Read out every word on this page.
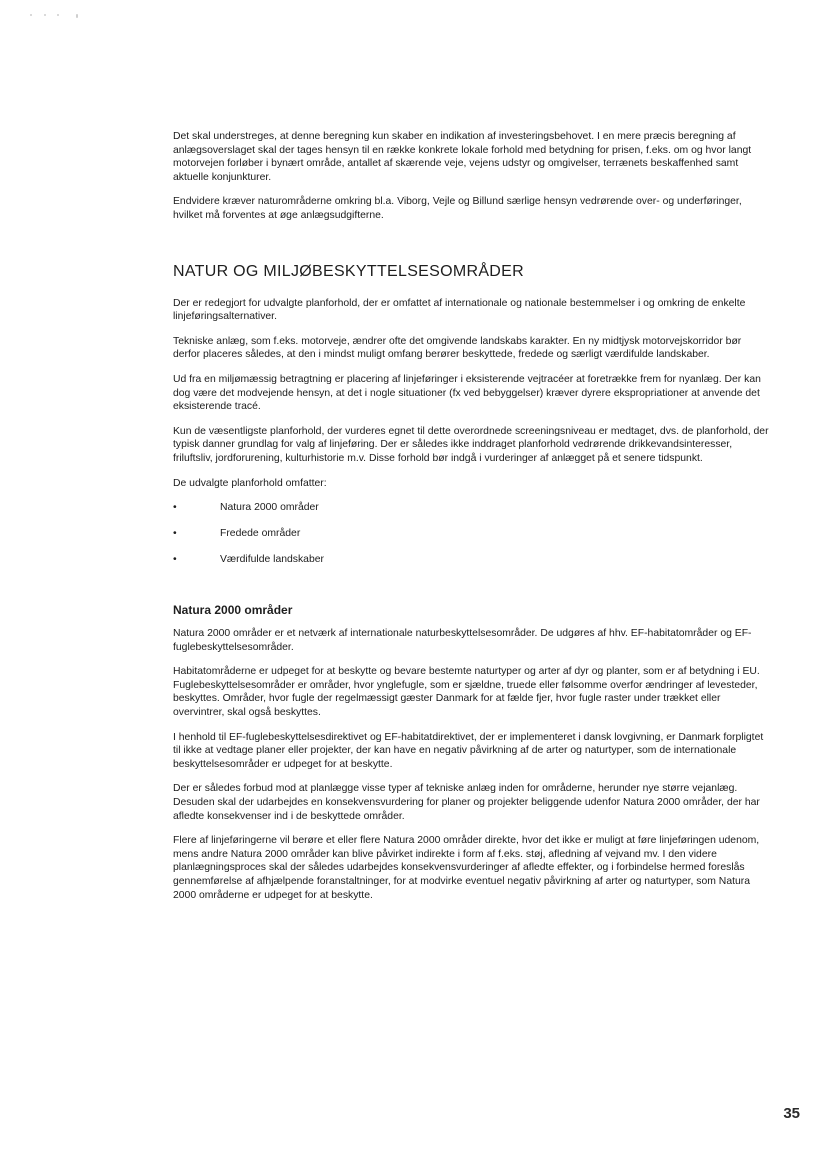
Det skal understreges, at denne beregning kun skaber en indikation af investeringsbehovet. I en mere præcis beregning af anlægsoverslaget skal der tages hensyn til en række konkrete lokale forhold med betydning for prisen, f.eks. om og hvor langt motorvejen forløber i bynært område, antallet af skærende veje, vejens udstyr og omgivelser, terrænets beskaffenhed samt aktuelle konjunkturer.

Endvidere kræver naturområderne omkring bl.a. Viborg, Vejle og Billund særlige hensyn vedrørende over- og underføringer, hvilket må forventes at øge anlægsudgifterne.

NATUR OG MILJØBESKYTTELSESOMRÅDER

Der er redegjort for udvalgte planforhold, der er omfattet af internationale og nationale bestemmelser i og omkring de enkelte linjeføringsalternativer.

Tekniske anlæg, som f.eks. motorveje, ændrer ofte det omgivende landskabs karakter. En ny midtjysk motorvejskorridor bør derfor placeres således, at den i mindst muligt omfang berører beskyttede, fredede og særligt værdifulde landskaber.

Ud fra en miljømæssig betragtning er placering af linjeføringer i eksisterende vejtracéer at foretrække frem for nyanlæg. Der kan dog være det modvejende hensyn, at det i nogle situationer (fx ved bebyggelser) kræver dyrere ekspropriationer at anvende det eksisterende tracé.

Kun de væsentligste planforhold, der vurderes egnet til dette overordnede screeningsniveau er medtaget, dvs. de planforhold, der typisk danner grundlag for valg af linjeføring. Der er således ikke inddraget planforhold vedrørende drikkevandsinteresser, friluftsliv, jordforurening, kulturhistorie m.v. Disse forhold bør indgå i vurderinger af anlægget på et senere tidspunkt.

De udvalgte planforhold omfatter:

•	Natura 2000 områder
•	Fredede områder
•	Værdifulde landskaber
Natura 2000 områder

Natura 2000 områder er et netværk af internationale naturbeskyttelsesområder. De udgøres af hhv. EF-habitatområder og EF- fuglebeskyttelsesområder.

Habitatområderne er udpeget for at beskytte og bevare bestemte naturtyper og arter af dyr og planter, som er af betydning i EU. Fuglebeskyttelsesområder er områder, hvor ynglefugle, som er sjældne, truede eller følsomme overfor ændringer af levesteder, beskyttes. Områder, hvor fugle der regelmæssigt gæster Danmark for at fælde fjer, hvor fugle raster under trækket eller overvintrer, skal også beskyttes.

I henhold til EF-fuglebeskyttelsesdirektivet og EF-habitatdirektivet, der er implementeret i dansk lovgivning, er Danmark forpligtet til ikke at vedtage planer eller projekter, der kan have en negativ påvirkning af de arter og naturtyper, som de internationale beskyttelsesområder er udpeget for at beskytte.

Der er således forbud mod at planlægge visse typer af tekniske anlæg inden for områderne, herunder nye større vejanlæg. Desuden skal der udarbejdes en konsekvensvurdering for planer og projekter beliggende udenfor Natura 2000 områder, der har afledte konsekvenser ind i de beskyttede områder.

Flere af linjeføringerne vil berøre et eller flere Natura 2000 områder direkte, hvor det ikke er muligt at føre linjeføringen udenom, mens andre Natura 2000 områder kan blive påvirket indirekte i form af f.eks. støj, afledning af vejvand mv. I den videre planlægningsproces skal der således udarbejdes konsekvensvurderinger af afledte effekter, og i forbindelse hermed foreslås gennemførelse af afhjælpende foranstaltninger, for at modvirke eventuel negativ påvirkning af arter og naturtyper, som Natura 2000 områderne er udpeget for at beskytte.

35
